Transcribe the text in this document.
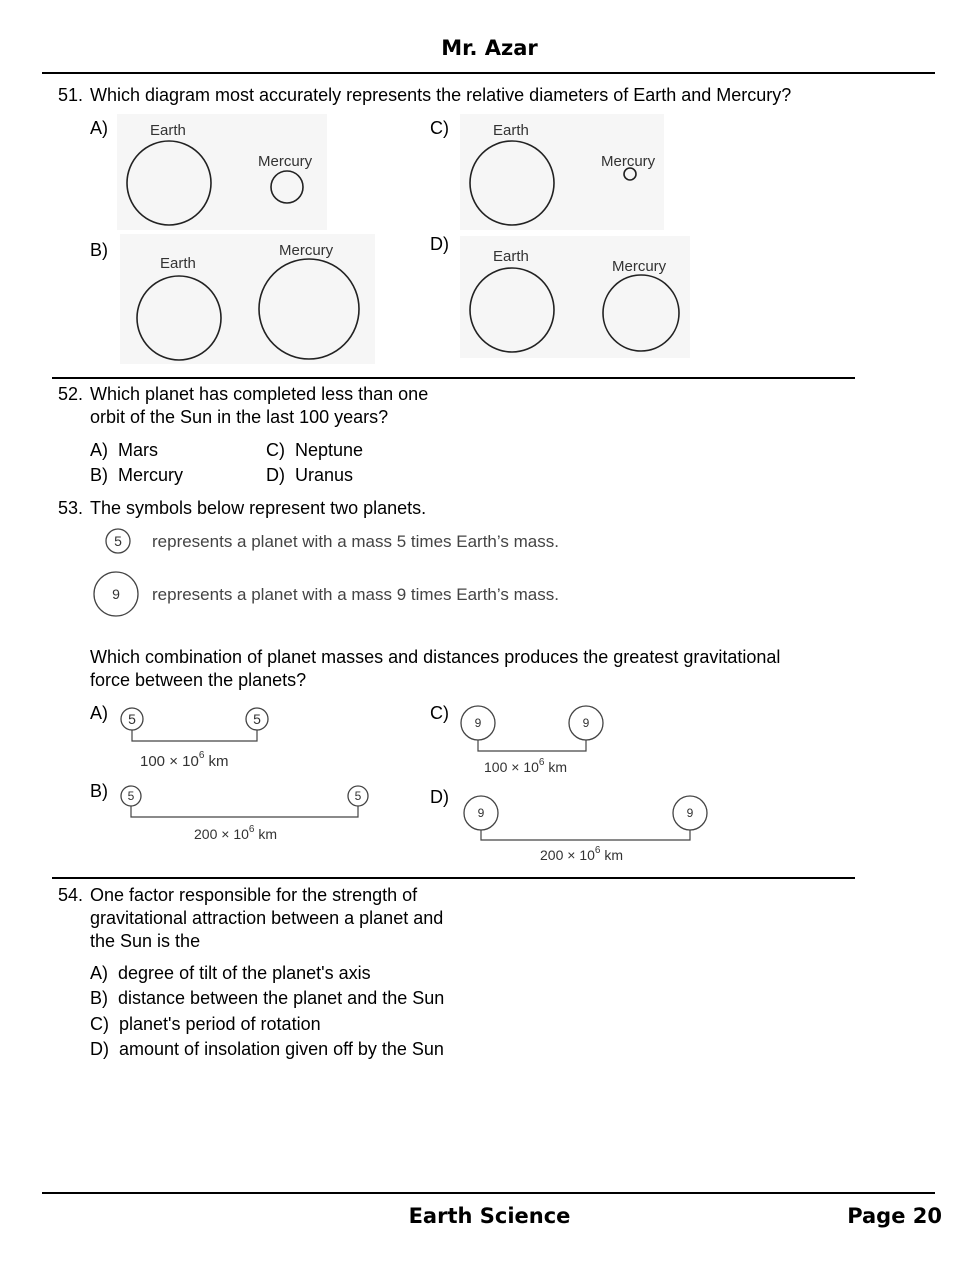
Mr. Azar
51. Which diagram most accurately represents the relative diameters of Earth and Mercury?
A)	Earth
Mercury
C)	Earth
Mercury
B)
Earth
Mercury	D)
Earth
Mercury
52. Which planet has completed less than one
orbit of the Sun in the last 100 years?
A) Mars
B) Mercury
C) Neptune
D) Uranus
53. The symbols below represent two planets.
5 represents a planet with a mass 5 times Earth’s mass.
9 represents a planet with a mass 9 times Earth’s mass.
Which combination of planet masses and distances produces the greatest gravitational
force between the planets?
A) 5	5
$100 \times 10^6$ km
B) 5	5
$200 \times 10^6$ km
C) 9	9
$100 \times 10^6$ km
D)
9	9
$200 \times 10^6$ km
54. One factor responsible for the strength of
gravitational attraction between a planet and
the Sun is the
A) degree of tilt of the planet's axis
B) distance between the planet and the Sun
C) planet's period of rotation
D) amount of insolation given off by the Sun
Earth Science	Page 20
